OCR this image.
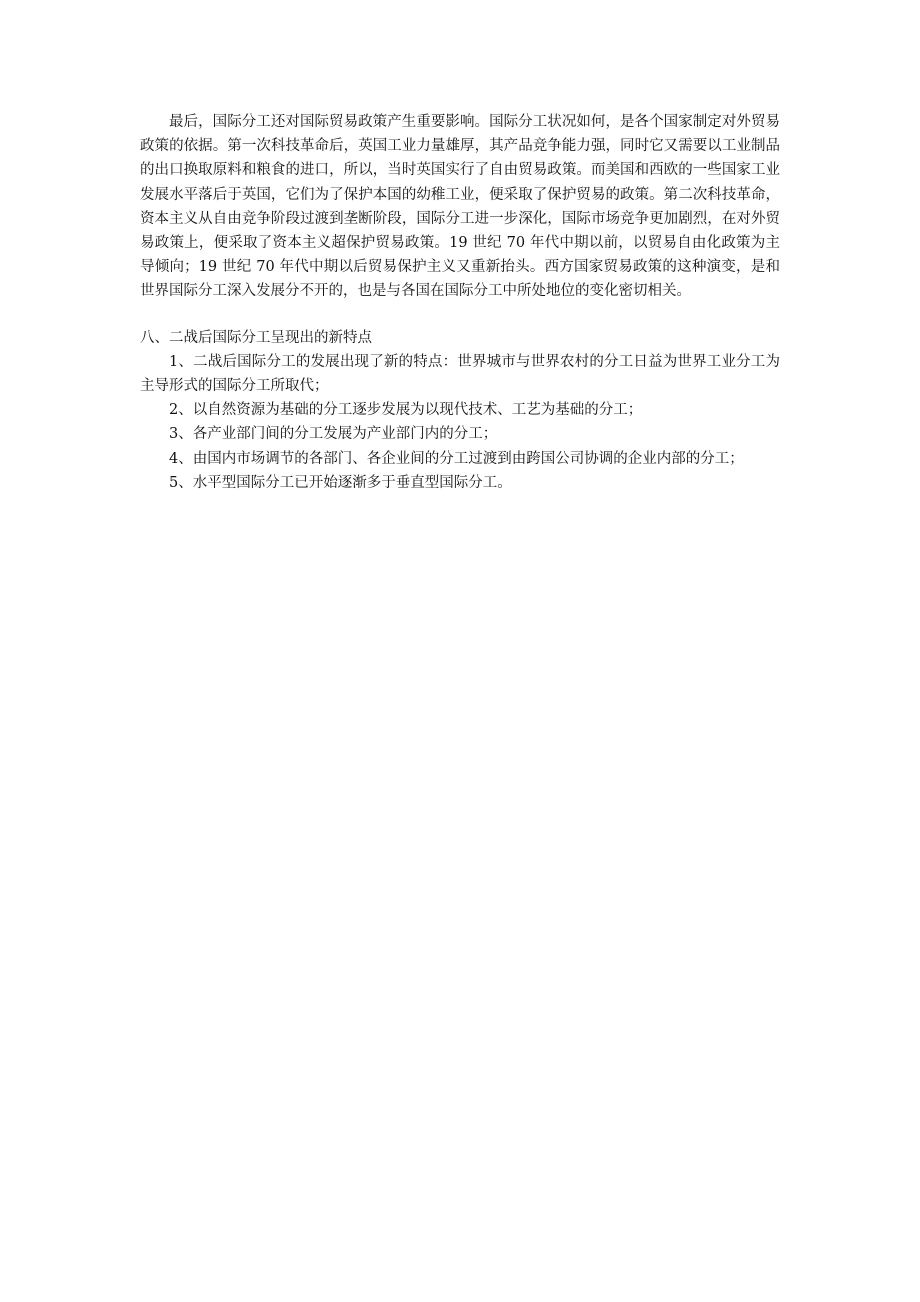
最后，国际分工还对国际贸易政策产生重要影响。国际分工状况如何，是各个国家制定对外贸易政策的依据。第一次科技革命后，英国工业力量雄厚，其产品竞争能力强，同时它又需要以工业制品的出口换取原料和粮食的进口，所以，当时英国实行了自由贸易政策。而美国和西欧的一些国家工业发展水平落后于英国，它们为了保护本国的幼稚工业，便采取了保护贸易的政策。第二次科技革命，资本主义从自由竞争阶段过渡到垄断阶段，国际分工进一步深化，国际市场竞争更加剧烈，在对外贸易政策上，便采取了资本主义超保护贸易政策。19 世纪 70 年代中期以前，以贸易自由化政策为主导倾向；19 世纪 70 年代中期以后贸易保护主义又重新抬头。西方国家贸易政策的这种演变，是和世界国际分工深入发展分不开的，也是与各国在国际分工中所处地位的变化密切相关。

八、二战后国际分工呈现出的新特点

1、二战后国际分工的发展出现了新的特点：世界城市与世界农村的分工日益为世界工业分工为主导形式的国际分工所取代；

2、以自然资源为基础的分工逐步发展为以现代技术、工艺为基础的分工；

3、各产业部门间的分工发展为产业部门内的分工；

4、由国内市场调节的各部门、各企业间的分工过渡到由跨国公司协调的企业内部的分工；

5、水平型国际分工已开始逐渐多于垂直型国际分工。
